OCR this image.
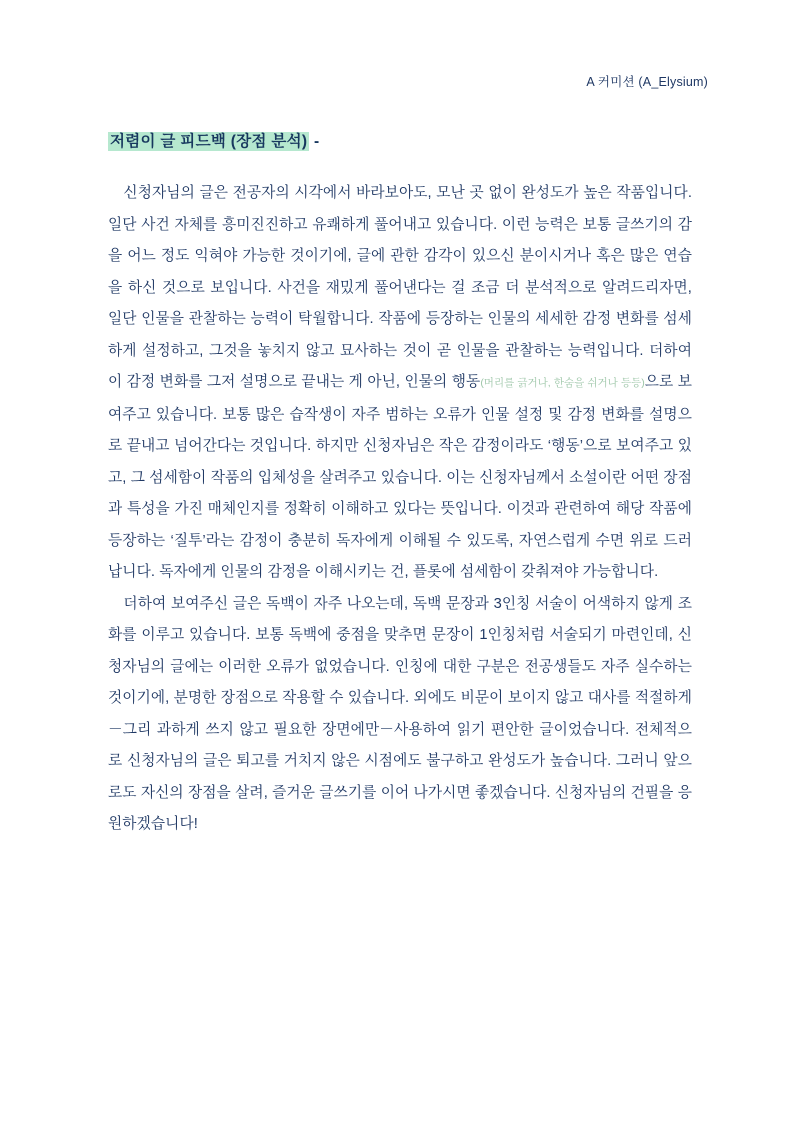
A 커미션 (A_Elysium)
저렴이 글 피드백 (장점 분석) -

신청자님의 글은 전공자의 시각에서 바라보아도, 모난 곳 없이 완성도가 높은 작품입니다. 일단 사건 자체를 흥미진진하고 유쾌하게 풀어내고 있습니다. 이런 능력은 보통 글쓰기의 감을 어느 정도 익혀야 가능한 것이기에, 글에 관한 감각이 있으신 분이시거나 혹은 많은 연습을 하신 것으로 보입니다. 사건을 재밌게 풀어낸다는 걸 조금 더 분석적으로 알려드리자면, 일단 인물을 관찰하는 능력이 탁월합니다. 작품에 등장하는 인물의 세세한 감정 변화를 섬세하게 설정하고, 그것을 놓치지 않고 묘사하는 것이 곧 인물을 관찰하는 능력입니다. 더하여 이 감정 변화를 그저 설명으로 끝내는 게 아닌, 인물의 행동(머리를 긁거나, 한숨을 쉬거나 등등)으로 보여주고 있습니다. 보통 많은 습작생이 자주 범하는 오류가 인물 설정 및 감정 변화를 설명으로 끝내고 넘어간다는 것입니다. 하지만 신청자님은 작은 감정이라도 ‘행동’으로 보여주고 있고, 그 섬세함이 작품의 입체성을 살려주고 있습니다. 이는 신청자님께서 소설이란 어떤 장점과 특성을 가진 매체인지를 정확히 이해하고 있다는 뜻입니다. 이것과 관련하여 해당 작품에 등장하는 ‘질투’라는 감정이 충분히 독자에게 이해될 수 있도록, 자연스럽게 수면 위로 드러납니다. 독자에게 인물의 감정을 이해시키는 건, 플롯에 섬세함이 갖춰져야 가능합니다.

더하여 보여주신 글은 독백이 자주 나오는데, 독백 문장과 3인칭 서술이 어색하지 않게 조화를 이루고 있습니다. 보통 독백에 중점을 맞추면 문장이 1인칭처럼 서술되기 마련인데, 신청자님의 글에는 이러한 오류가 없었습니다. 인칭에 대한 구분은 전공생들도 자주 실수하는 것이기에, 분명한 장점으로 작용할 수 있습니다. 외에도 비문이 보이지 않고 대사를 적절하게－그리 과하게 쓰지 않고 필요한 장면에만－사용하여 읽기 편안한 글이었습니다. 전체적으로 신청자님의 글은 퇴고를 거치지 않은 시점에도 불구하고 완성도가 높습니다. 그러니 앞으로도 자신의 장점을 살려, 즐거운 글쓰기를 이어 나가시면 좋겠습니다. 신청자님의 건필을 응원하겠습니다!
